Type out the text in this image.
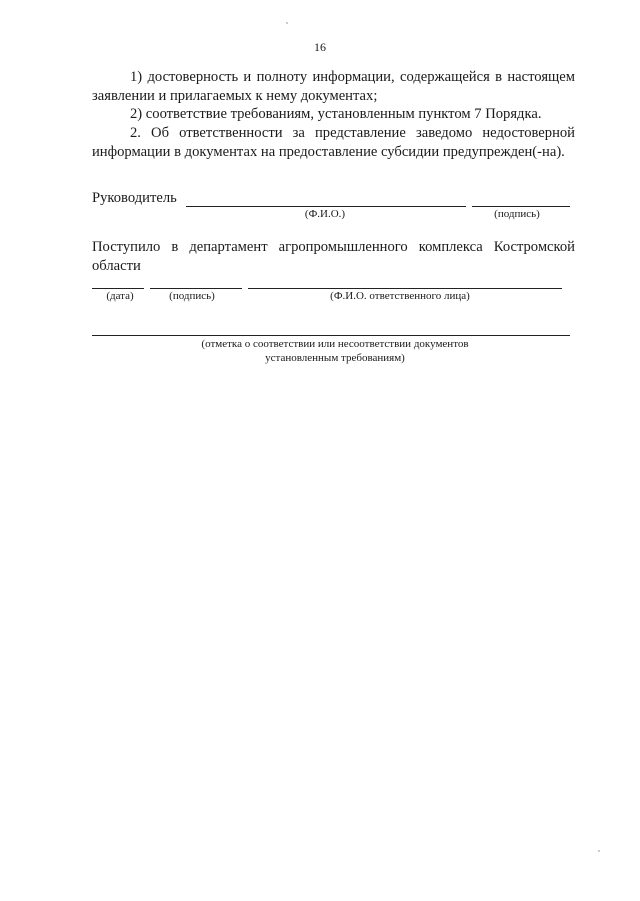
16

1) достоверность и полноту информации, содержащейся в настоящем заявлении и прилагаемых к нему документах;

2) соответствие требованиям, установленным пунктом 7 Порядка.

2. Об ответственности за представление заведомо недостоверной информации в документах на предоставление субсидии предупрежден(-на).

Руководитель
(Ф.И.О.)	(подпись)

Поступило в департамент агропромышленного комплекса Костромской области

(дата)	(подпись)	(Ф.И.О. ответственного лица)
(отметка о соответствии или несоответствии документов
установленным требованиям)
